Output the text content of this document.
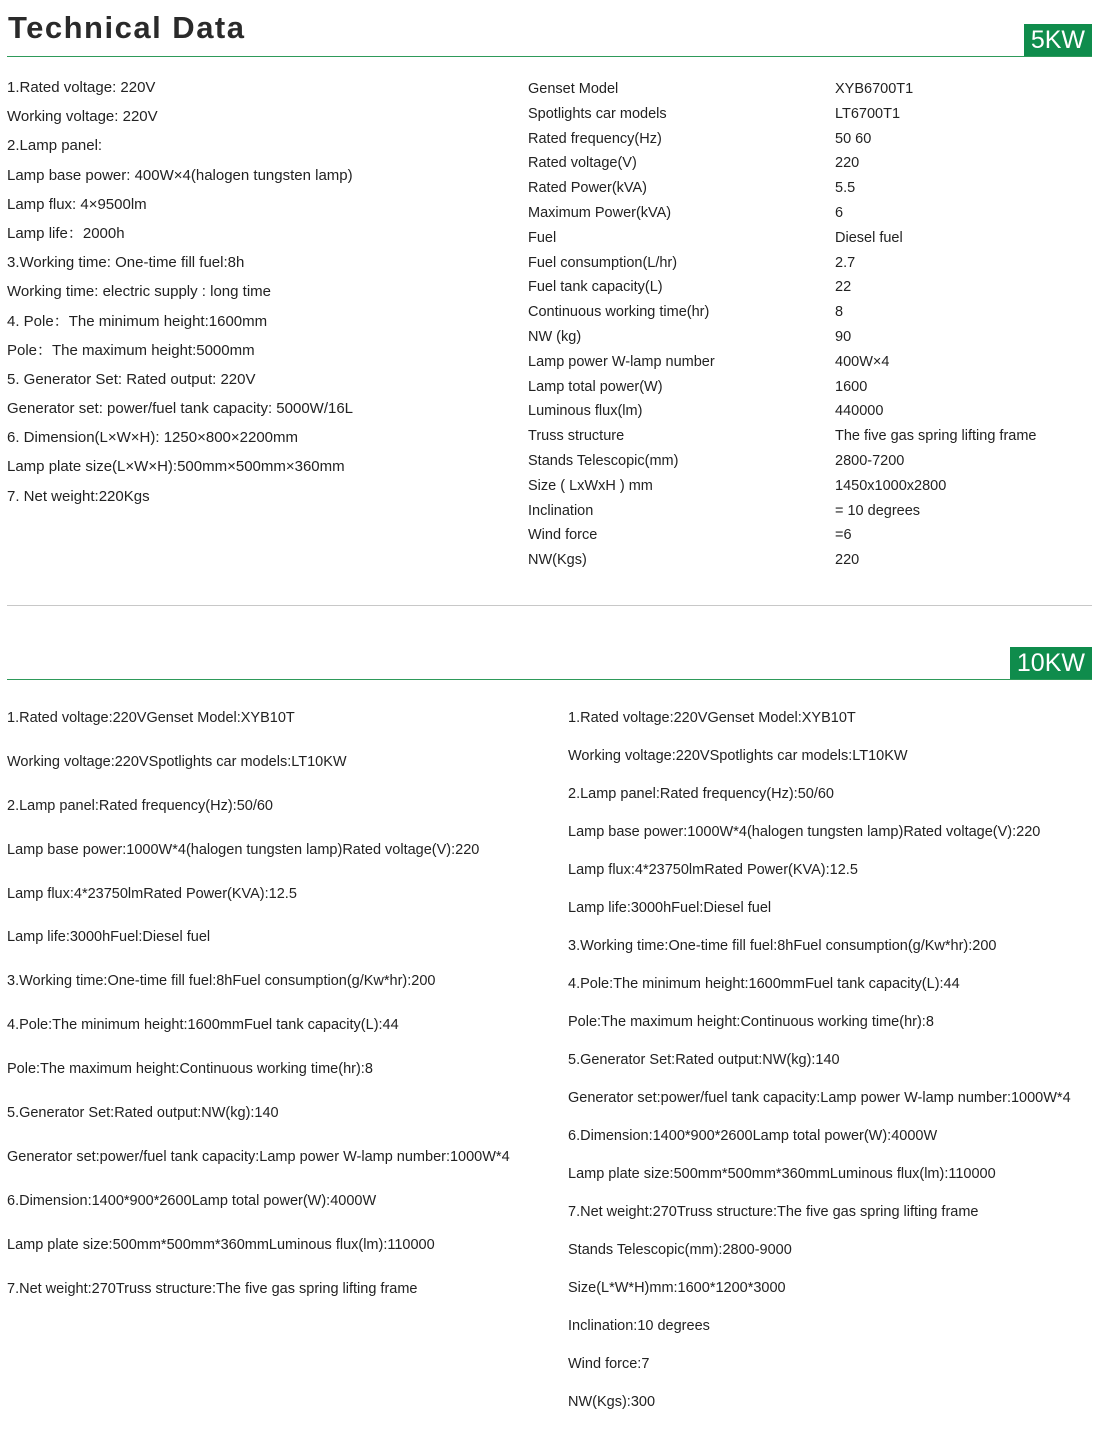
Technical Data	5KW
1.Rated voltage: 220V
Working voltage: 220V
2.Lamp panel:
Lamp base power: 400W×4(halogen tungsten lamp)
Lamp flux: 4×9500lm
Lamp life：2000h
3.Working time: One-time fill fuel:8h
Working time: electric supply : long time
4. Pole：The minimum height:1600mm
Pole：The maximum height:5000mm
5. Generator Set: Rated output: 220V
Generator set: power/fuel tank capacity: 5000W/16L
6. Dimension(L×W×H): 1250×800×2200mm
Lamp plate size(L×W×H):500mm×500mm×360mm
7. Net weight:220Kgs
Genset Model	XYB6700T1
Spotlights car models	LT6700T1
Rated frequency(Hz)	50 60
Rated voltage(V)	220
Rated Power(kVA)	5.5
Maximum Power(kVA)	6
Fuel	Diesel fuel
Fuel consumption(L/hr)	2.7
Fuel tank capacity(L)	22
Continuous working time(hr)	8
NW (kg)	90
Lamp power W-lamp number	400W×4
Lamp total power(W)	1600
Luminous flux(lm)	440000
Truss structure	The five gas spring lifting frame
Stands Telescopic(mm)	2800-7200
Size ( LxWxH ) mm	1450x1000x2800
Inclination	= 10 degrees
Wind force	=6
NW(Kgs)	220
10KW
1.Rated voltage:220VGenset Model:XYB10T
Working voltage:220VSpotlights car models:LT10KW
2.Lamp panel:Rated frequency(Hz):50/60
Lamp base power:1000W*4(halogen tungsten lamp)Rated voltage(V):220
Lamp flux:4*23750lmRated Power(KVA):12.5
Lamp life:3000hFuel:Diesel fuel
3.Working time:One-time fill fuel:8hFuel consumption(g/Kw*hr):200
4.Pole:The minimum height:1600mmFuel tank capacity(L):44
Pole:The maximum height:Continuous working time(hr):8
5.Generator Set:Rated output:NW(kg):140
Generator set:power/fuel tank capacity:Lamp power W-lamp number:1000W*4
6.Dimension:1400*900*2600Lamp total power(W):4000W
Lamp plate size:500mm*500mm*360mmLuminous flux(lm):110000
7.Net weight:270Truss structure:The five gas spring lifting frame
1.Rated voltage:220VGenset Model:XYB10T
Working voltage:220VSpotlights car models:LT10KW
2.Lamp panel:Rated frequency(Hz):50/60
Lamp base power:1000W*4(halogen tungsten lamp)Rated voltage(V):220
Lamp flux:4*23750lmRated Power(KVA):12.5
Lamp life:3000hFuel:Diesel fuel
3.Working time:One-time fill fuel:8hFuel consumption(g/Kw*hr):200
4.Pole:The minimum height:1600mmFuel tank capacity(L):44
Pole:The maximum height:Continuous working time(hr):8
5.Generator Set:Rated output:NW(kg):140
Generator set:power/fuel tank capacity:Lamp power W-lamp number:1000W*4
6.Dimension:1400*900*2600Lamp total power(W):4000W
Lamp plate size:500mm*500mm*360mmLuminous flux(lm):110000
7.Net weight:270Truss structure:The five gas spring lifting frame
Stands Telescopic(mm):2800-9000
Size(L*W*H)mm:1600*1200*3000
Inclination:10 degrees
Wind force:7
NW(Kgs):300
